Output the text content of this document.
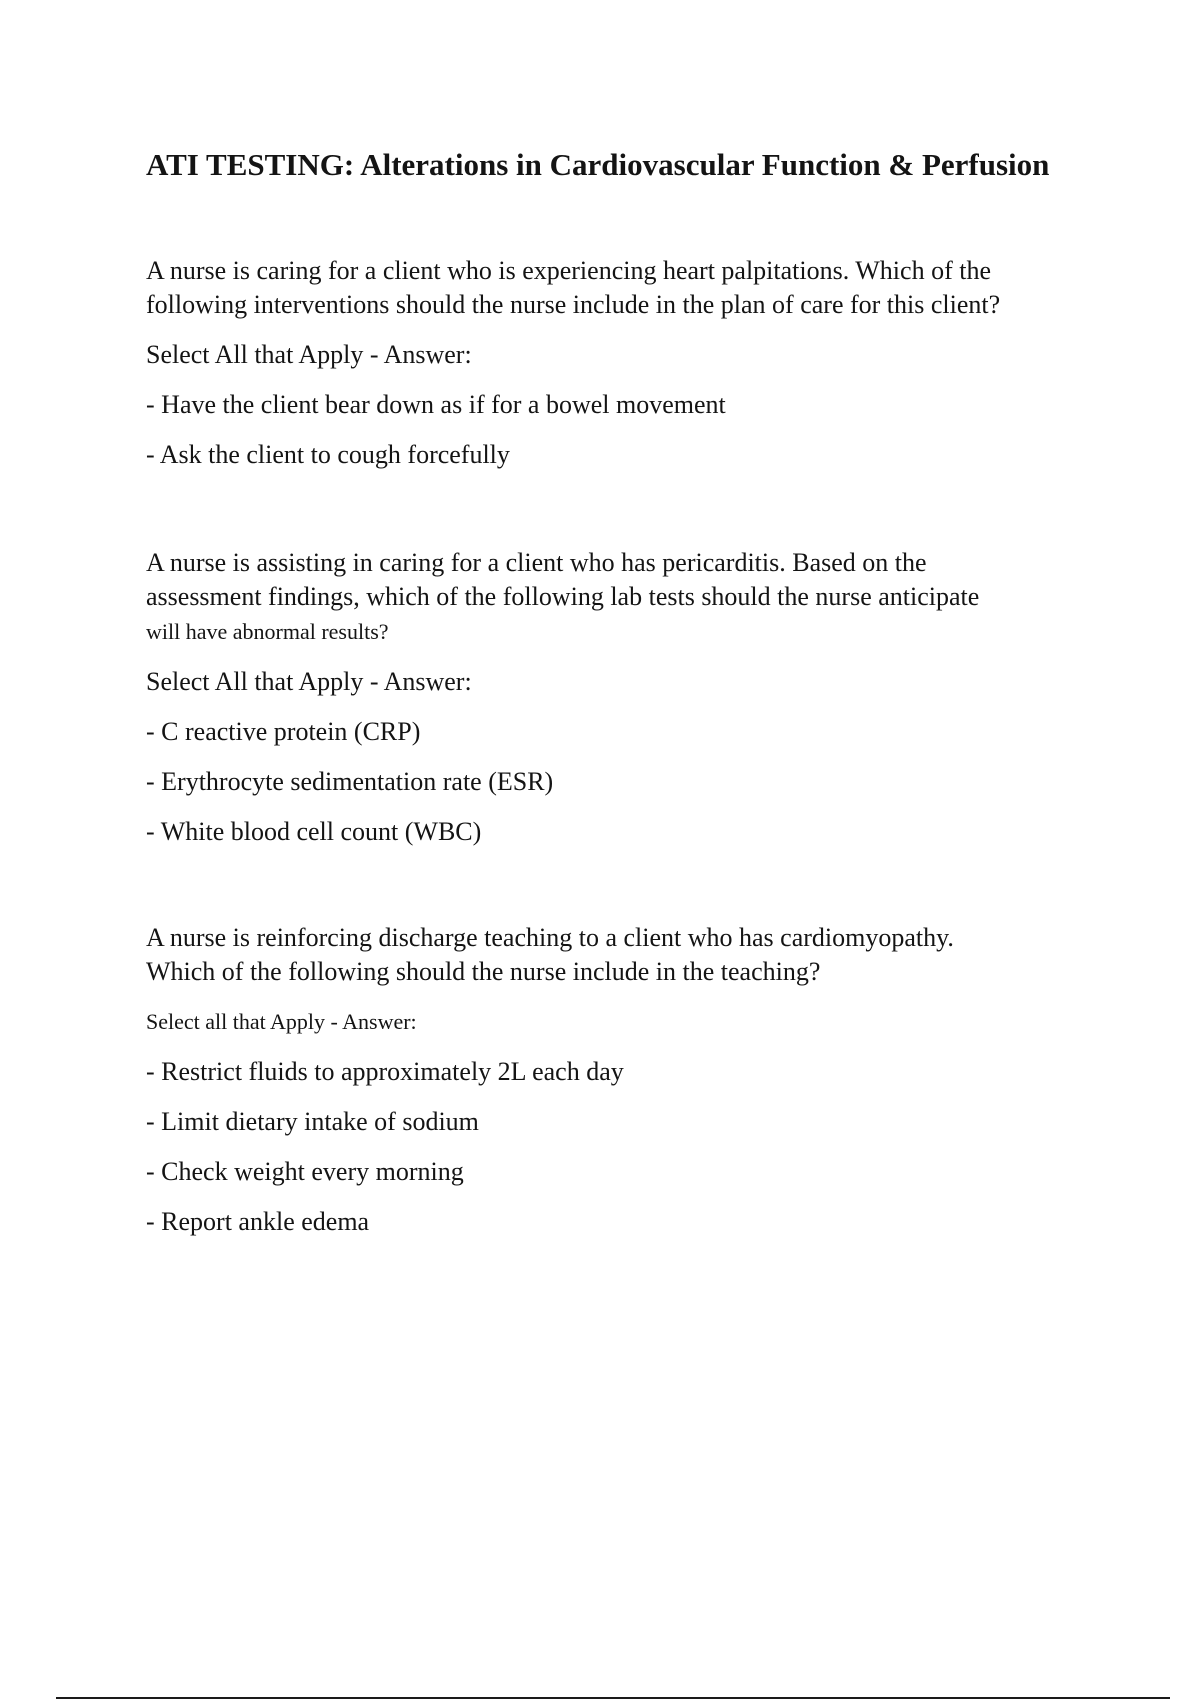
ATI TESTING: Alterations in Cardiovascular Function & Perfusion

A nurse is caring for a client who is experiencing heart palpitations. Which of the
following interventions should the nurse include in the plan of care for this client?

Select All that Apply - Answer:

- Have the client bear down as if for a bowel movement
- Ask the client to cough forcefully

A nurse is assisting in caring for a client who has pericarditis. Based on the
assessment findings, which of the following lab tests should the nurse anticipate
will have abnormal results?

Select All that Apply - Answer:

- C reactive protein (CRP)
- Erythrocyte sedimentation rate (ESR)
- White blood cell count (WBC)

A nurse is reinforcing discharge teaching to a client who has cardiomyopathy.
Which of the following should the nurse include in the teaching?

Select all that Apply - Answer:

- Restrict fluids to approximately 2L each day
- Limit dietary intake of sodium
- Check weight every morning
- Report ankle edema
